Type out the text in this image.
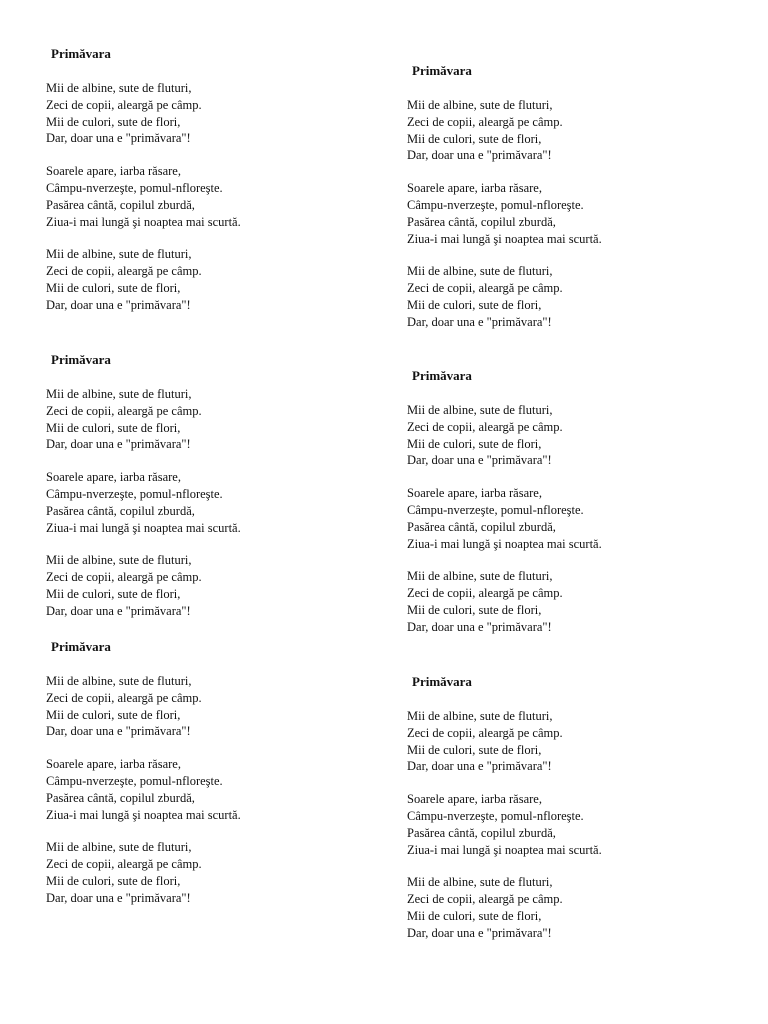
Primăvara
Mii de albine, sute de fluturi,
Zeci de copii, aleargă pe câmp.
Mii de culori, sute de flori,
Dar, doar una e "primăvara"!
Soarele apare, iarba răsare,
Câmpu-nverzeşte, pomul-nfloreşte.
Pasărea cântă, copilul zburdă,
Ziua-i mai lungă şi noaptea mai scurtă.
Mii de albine, sute de fluturi,
Zeci de copii, aleargă pe câmp.
Mii de culori, sute de flori,
Dar, doar una e "primăvara"!
Primăvara
Mii de albine, sute de fluturi,
Zeci de copii, aleargă pe câmp.
Mii de culori, sute de flori,
Dar, doar una e "primăvara"!
Soarele apare, iarba răsare,
Câmpu-nverzeşte, pomul-nfloreşte.
Pasărea cântă, copilul zburdă,
Ziua-i mai lungă şi noaptea mai scurtă.
Mii de albine, sute de fluturi,
Zeci de copii, aleargă pe câmp.
Mii de culori, sute de flori,
Dar, doar una e "primăvara"!
Primăvara
Mii de albine, sute de fluturi,
Zeci de copii, aleargă pe câmp.
Mii de culori, sute de flori,
Dar, doar una e "primăvara"!
Soarele apare, iarba răsare,
Câmpu-nverzeşte, pomul-nfloreşte.
Pasărea cântă, copilul zburdă,
Ziua-i mai lungă şi noaptea mai scurtă.
Mii de albine, sute de fluturi,
Zeci de copii, aleargă pe câmp.
Mii de culori, sute de flori,
Dar, doar una e "primăvara"!
Primăvara
Mii de albine, sute de fluturi,
Zeci de copii, aleargă pe câmp.
Mii de culori, sute de flori,
Dar, doar una e "primăvara"!
Soarele apare, iarba răsare,
Câmpu-nverzeşte, pomul-nfloreşte.
Pasărea cântă, copilul zburdă,
Ziua-i mai lungă şi noaptea mai scurtă.
Mii de albine, sute de fluturi,
Zeci de copii, aleargă pe câmp.
Mii de culori, sute de flori,
Dar, doar una e "primăvara"!
Primăvara
Mii de albine, sute de fluturi,
Zeci de copii, aleargă pe câmp.
Mii de culori, sute de flori,
Dar, doar una e "primăvara"!
Soarele apare, iarba răsare,
Câmpu-nverzeşte, pomul-nfloreşte.
Pasărea cântă, copilul zburdă,
Ziua-i mai lungă şi noaptea mai scurtă.
Mii de albine, sute de fluturi,
Zeci de copii, aleargă pe câmp.
Mii de culori, sute de flori,
Dar, doar una e "primăvara"!
Primăvara
Mii de albine, sute de fluturi,
Zeci de copii, aleargă pe câmp.
Mii de culori, sute de flori,
Dar, doar una e "primăvara"!
Soarele apare, iarba răsare,
Câmpu-nverzeşte, pomul-nfloreşte.
Pasărea cântă, copilul zburdă,
Ziua-i mai lungă şi noaptea mai scurtă.
Mii de albine, sute de fluturi,
Zeci de copii, aleargă pe câmp.
Mii de culori, sute de flori,
Dar, doar una e "primăvara"!
